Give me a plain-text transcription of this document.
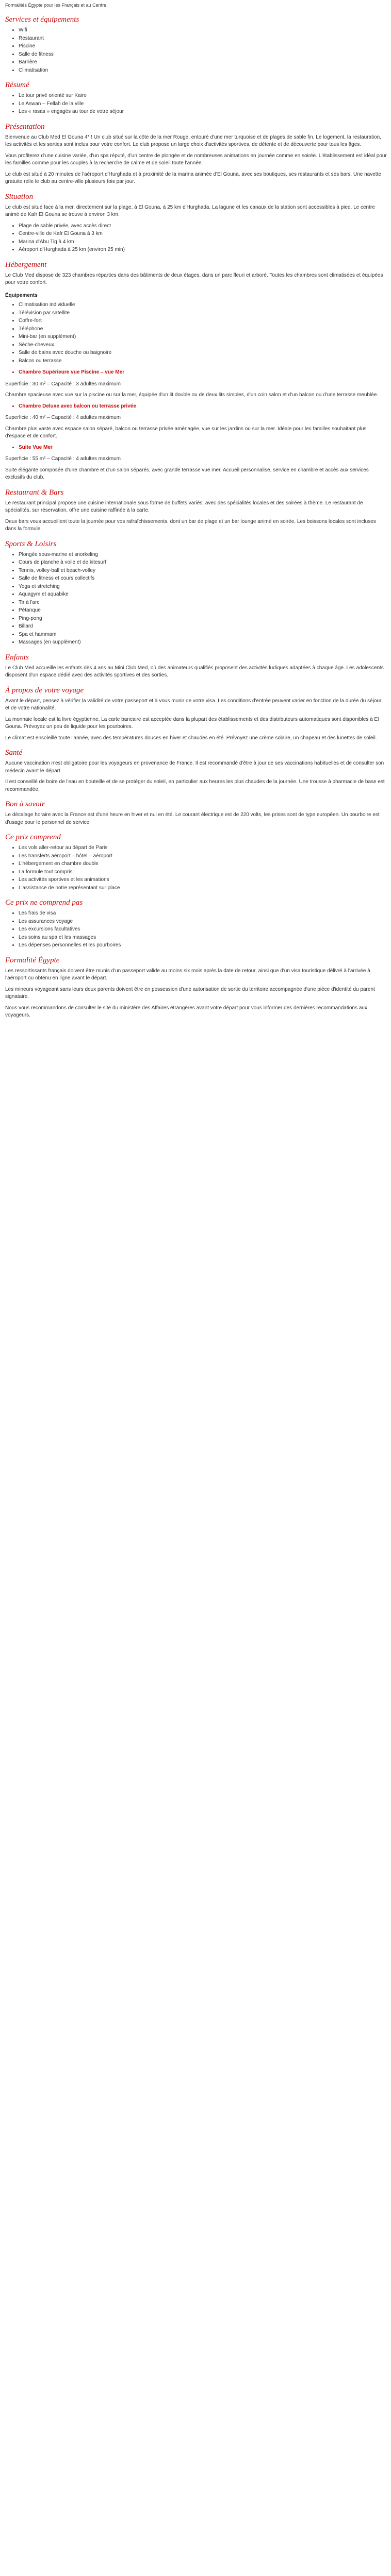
Formalités Égypte pour les Français et au Centre.

Services et équipements
• Wifi
• Restaurant
• Piscine
• Salle de fitness
• Barrière
• Climatisation
Résumé
• Le tour privé orienté sur Kairo
• Le Aswan – Fellah de la ville
• Les « rasas » engagés au tour de votre séjour
Présentation

Bienvenue au Club Med El Gouna 4* ! Un club situé sur la côte de la mer Rouge, entouré d'une mer turquoise et de plages de sable fin. Le logement, la restauration, les activités et les sorties sont inclus pour votre confort. Le club propose un large choix d'activités sportives, de détente et de découverte pour tous les âges.

Vous profiterez d'une cuisine variée, d'un spa réputé, d'un centre de plongée et de nombreuses animations en journée comme en soirée. L'établissement est idéal pour les familles comme pour les couples à la recherche de calme et de soleil toute l'année.

Le club est situé à 20 minutes de l'aéroport d'Hurghada et à proximité de la marina animée d'El Gouna, avec ses boutiques, ses restaurants et ses bars. Une navette gratuite relie le club au centre-ville plusieurs fois par jour.

Situation

Le club est situé face à la mer, directement sur la plage, à El Gouna, à 25 km d'Hurghada. La lagune et les canaux de la station sont accessibles à pied. Le centre animé de Kafr El Gouna se trouve à environ 3 km.

• Plage de sable privée, avec accès direct
• Centre-ville de Kafr El Gouna à 3 km
• Marina d'Abu Tig à 4 km
• Aéroport d'Hurghada à 25 km (environ 25 min)
Hébergement

Le Club Med dispose de 323 chambres réparties dans des bâtiments de deux étages, dans un parc fleuri et arboré. Toutes les chambres sont climatisées et équipées pour votre confort.

Équipements
• Climatisation individuelle
• Télévision par satellite
• Coffre-fort
• Téléphone
• Mini-bar (en supplément)
• Sèche-cheveux
• Salle de bains avec douche ou baignoire
• Balcon ou terrasse
• Chambre Supérieure vue Piscine – vue Mer

Superficie : 30 m² – Capacité : 3 adultes maximum

Chambre spacieuse avec vue sur la piscine ou sur la mer, équipée d'un lit double ou de deux lits simples, d'un coin salon et d'un balcon ou d'une terrasse meublée.

• Chambre Deluxe avec balcon ou terrasse privée

Superficie : 40 m² – Capacité : 4 adultes maximum

Chambre plus vaste avec espace salon séparé, balcon ou terrasse privée aménagée, vue sur les jardins ou sur la mer. Idéale pour les familles souhaitant plus d'espace et de confort.

• Suite Vue Mer

Superficie : 55 m² – Capacité : 4 adultes maximum

Suite élégante composée d'une chambre et d'un salon séparés, avec grande terrasse vue mer. Accueil personnalisé, service en chambre et accès aux services exclusifs du club.

Restaurant & Bars

Le restaurant principal propose une cuisine internationale sous forme de buffets variés, avec des spécialités locales et des soirées à thème. Le restaurant de spécialités, sur réservation, offre une cuisine raffinée à la carte.

Deux bars vous accueillent toute la journée pour vos rafraîchissements, dont un bar de plage et un bar lounge animé en soirée. Les boissons locales sont incluses dans la formule.

Sports & Loisirs
• Plongée sous-marine et snorkeling
• Cours de planche à voile et de kitesurf
• Tennis, volley-ball et beach-volley
• Salle de fitness et cours collectifs
• Yoga et stretching
• Aquagym et aquabike
• Tir à l'arc
• Pétanque
• Ping-pong
• Billard
• Spa et hammam
• Massages (en supplément)
Enfants

Le Club Med accueille les enfants dès 4 ans au Mini Club Med, où des animateurs qualifiés proposent des activités ludiques adaptées à chaque âge. Les adolescents disposent d'un espace dédié avec des activités sportives et des sorties.

À propos de votre voyage

Avant le départ, pensez à vérifier la validité de votre passeport et à vous munir de votre visa. Les conditions d'entrée peuvent varier en fonction de la durée du séjour et de votre nationalité.

La monnaie locale est la livre égyptienne. La carte bancaire est acceptée dans la plupart des établissements et des distributeurs automatiques sont disponibles à El Gouna. Prévoyez un peu de liquide pour les pourboires.

Le climat est ensoleillé toute l'année, avec des températures douces en hiver et chaudes en été. Prévoyez une crème solaire, un chapeau et des lunettes de soleil.

Santé

Aucune vaccination n'est obligatoire pour les voyageurs en provenance de France. Il est recommandé d'être à jour de ses vaccinations habituelles et de consulter son médecin avant le départ.

Il est conseillé de boire de l'eau en bouteille et de se protéger du soleil, en particulier aux heures les plus chaudes de la journée. Une trousse à pharmacie de base est recommandée.

Bon à savoir

Le décalage horaire avec la France est d'une heure en hiver et nul en été. Le courant électrique est de 220 volts, les prises sont de type européen. Un pourboire est d'usage pour le personnel de service.

Ce prix comprend
• Les vols aller-retour au départ de Paris
• Les transferts aéroport – hôtel – aéroport
• L'hébergement en chambre double
• La formule tout compris
• Les activités sportives et les animations
• L'assistance de notre représentant sur place
Ce prix ne comprend pas
• Les frais de visa
• Les assurances voyage
• Les excursions facultatives
• Les soins au spa et les massages
• Les dépenses personnelles et les pourboires
Formalité Égypte

Les ressortissants français doivent être munis d'un passeport valide au moins six mois après la date de retour, ainsi que d'un visa touristique délivré à l'arrivée à l'aéroport ou obtenu en ligne avant le départ.

Les mineurs voyageant sans leurs deux parents doivent être en possession d'une autorisation de sortie du territoire accompagnée d'une pièce d'identité du parent signataire.

Nous vous recommandons de consulter le site du ministère des Affaires étrangères avant votre départ pour vous informer des dernières recommandations aux voyageurs.
